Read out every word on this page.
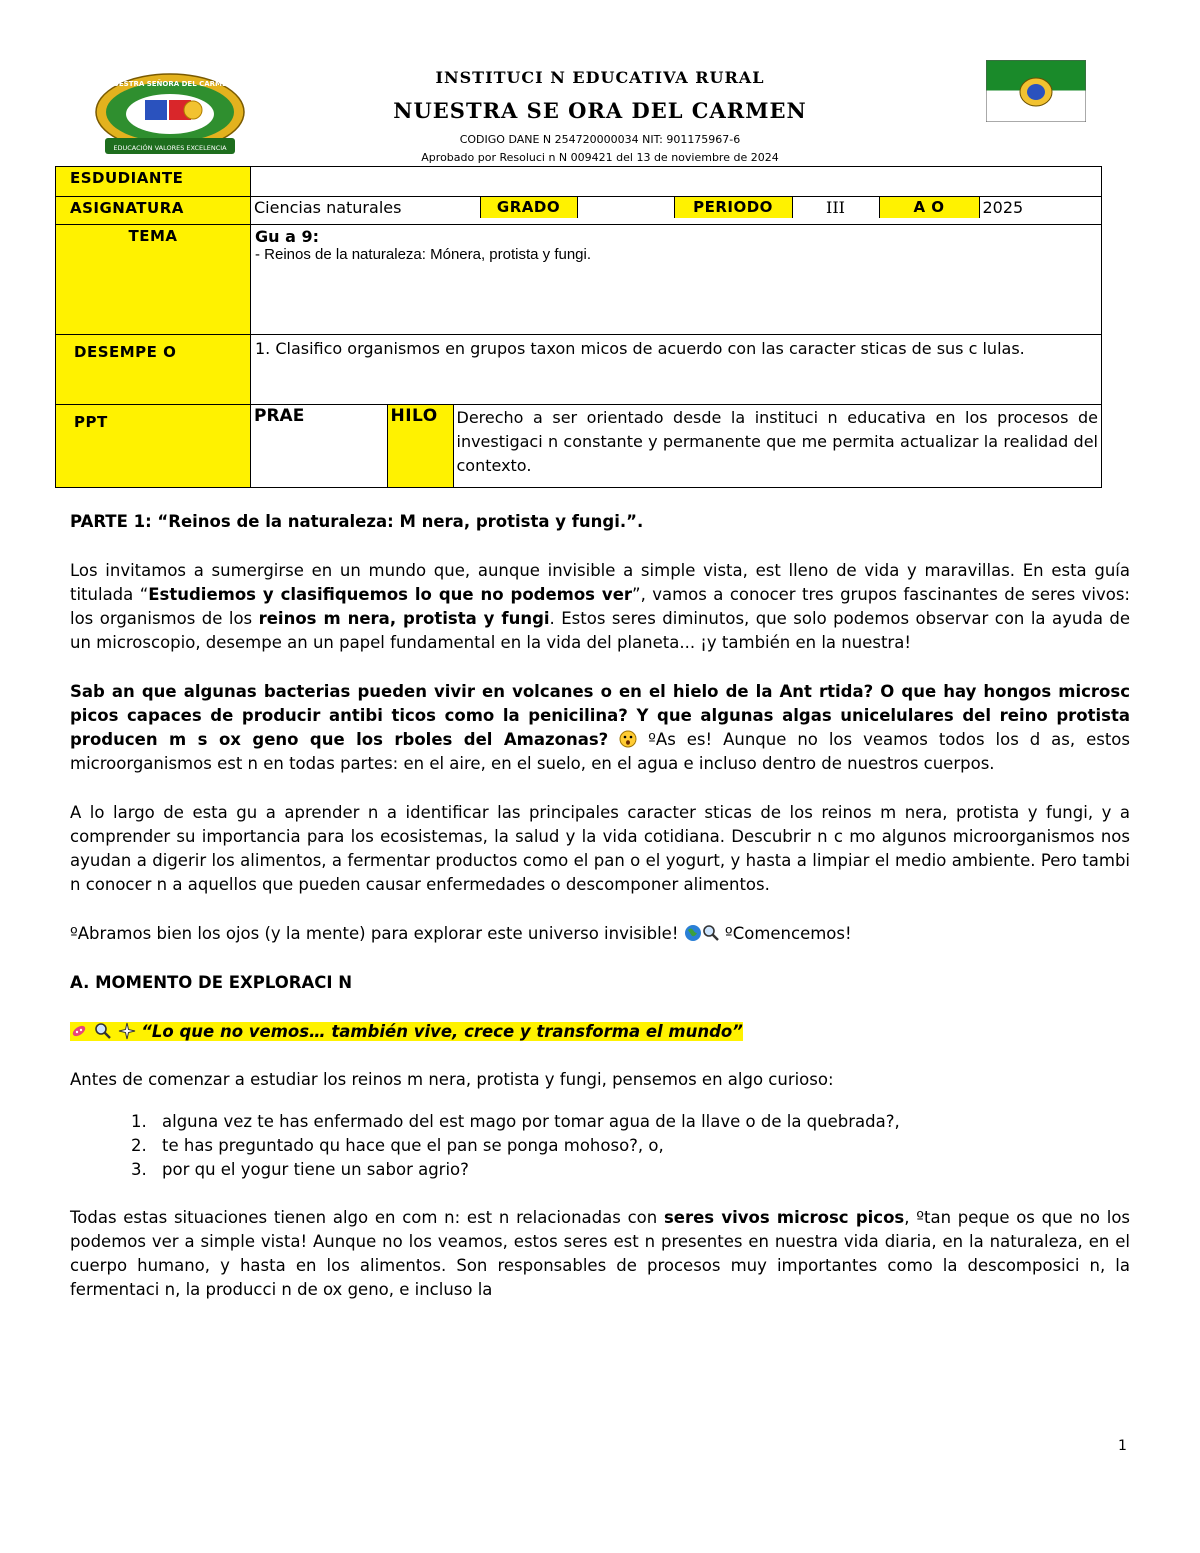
EDUCACIÓN VALORES EXCELENCIA
NUESTRA SEÑORA DEL CARMEN	INSTITUCI N EDUCATIVA RURAL
NUESTRA SE ORA DEL CARMEN
CODIGO DANE N 254720000034 NIT: 901175967-6
Aprobado por Resoluci n N 009421 del 13 de noviembre de 2024
ESDUDIANTE	
ASIGNATURA		Ciencias naturales	GRADO		PERIODO	III	A O	2025

TEMA	Gu a 9:
- Reinos de la naturaleza: Mónera, protista y fungi.

DESEMPE O	1. Clasifico organismos en grupos taxon micos de acuerdo con las caracter sticas de sus c lulas.
PPT		PRAE	HILO	Derecho a ser orientado desde la instituci n educativa en los procesos de investigaci n constante y permanente que me permita actualizar la realidad del contexto.

PARTE 1: “Reinos de la naturaleza: M nera, protista y fungi.”.

Los invitamos a sumergirse en un mundo que, aunque invisible a simple vista, est lleno de vida y maravillas. En esta guía titulada “Estudiemos y clasifiquemos lo que no podemos ver”, vamos a conocer tres grupos fascinantes de seres vivos: los organismos de los reinos m nera, protista y fungi. Estos seres diminutos, que solo podemos observar con la ayuda de un microscopio, desempe an un papel fundamental en la vida del planeta... ¡y también en la nuestra!

Sab an que algunas bacterias pueden vivir en volcanes o en el hielo de la Ant rtida? O que hay hongos microsc picos capaces de producir antibi ticos como la penicilina? Y que algunas algas unicelulares del reino protista producen m s ox geno que los rboles del Amazonas?  ºAs es! Aunque no los veamos todos los d as, estos microorganismos est n en todas partes: en el aire, en el suelo, en el agua e incluso dentro de nuestros cuerpos.

A lo largo de esta gu a aprender n a identificar las principales caracter sticas de los reinos m nera, protista y fungi, y a comprender su importancia para los ecosistemas, la salud y la vida cotidiana. Descubrir n c mo algunos microorganismos nos ayudan a digerir los alimentos, a fermentar productos como el pan o el yogurt, y hasta a limpiar el medio ambiente. Pero tambi n conocer n a aquellos que pueden causar enfermedades o descomponer alimentos.

ºAbramos bien los ojos (y la mente) para explorar este universo invisible!  ºComencemos!

A. MOMENTO DE EXPLORACI N

“Lo que no vemos… también vive, crece y transforma el mundo”

Antes de comenzar a estudiar los reinos m nera, protista y fungi, pensemos en algo curioso:

1. alguna vez te has enfermado del est mago por tomar agua de la llave o de la quebrada?,
2. te has preguntado qu hace que el pan se ponga mohoso?, o,
3. por qu el yogur tiene un sabor agrio?

Todas estas situaciones tienen algo en com n: est n relacionadas con seres vivos microsc picos, ºtan peque os que no los podemos ver a simple vista! Aunque no los veamos, estos seres est n presentes en nuestra vida diaria, en la naturaleza, en el cuerpo humano, y hasta en los alimentos. Son responsables de procesos muy importantes como la descomposici n, la fermentaci n, la producci n de ox geno, e incluso la

1
